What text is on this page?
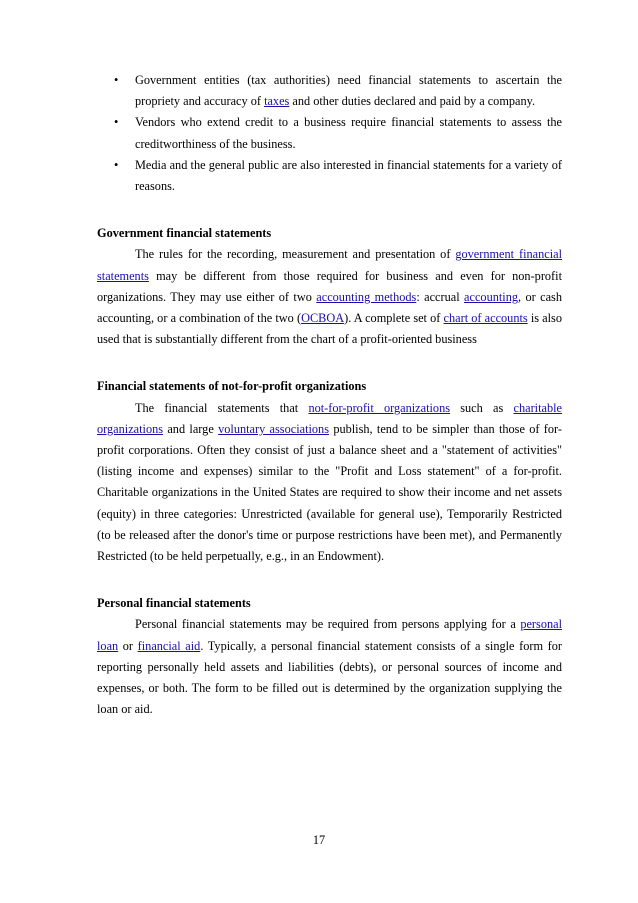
• Government entities (tax authorities) need financial statements to ascertain the propriety and accuracy of taxes and other duties declared and paid by a company.
• Vendors who extend credit to a business require financial statements to assess the creditworthiness of the business.
• Media and the general public are also interested in financial statements for a variety of reasons.
Government financial statements

The rules for the recording, measurement and presentation of government financial statements may be different from those required for business and even for non-profit organizations. They may use either of two accounting methods: accrual accounting, or cash accounting, or a combination of the two (OCBOA). A complete set of chart of accounts is also used that is substantially different from the chart of a profit-oriented business

Financial statements of not-for-profit organizations

The financial statements that not-for-profit organizations such as charitable organizations and large voluntary associations publish, tend to be simpler than those of for-profit corporations. Often they consist of just a balance sheet and a "statement of activities" (listing income and expenses) similar to the "Profit and Loss statement" of a for-profit. Charitable organizations in the United States are required to show their income and net assets (equity) in three categories: Unrestricted (available for general use), Temporarily Restricted (to be released after the donor's time or purpose restrictions have been met), and Permanently Restricted (to be held perpetually, e.g., in an Endowment).

Personal financial statements

Personal financial statements may be required from persons applying for a personal loan or financial aid. Typically, a personal financial statement consists of a single form for reporting personally held assets and liabilities (debts), or personal sources of income and expenses, or both. The form to be filled out is determined by the organization supplying the loan or aid.

17
